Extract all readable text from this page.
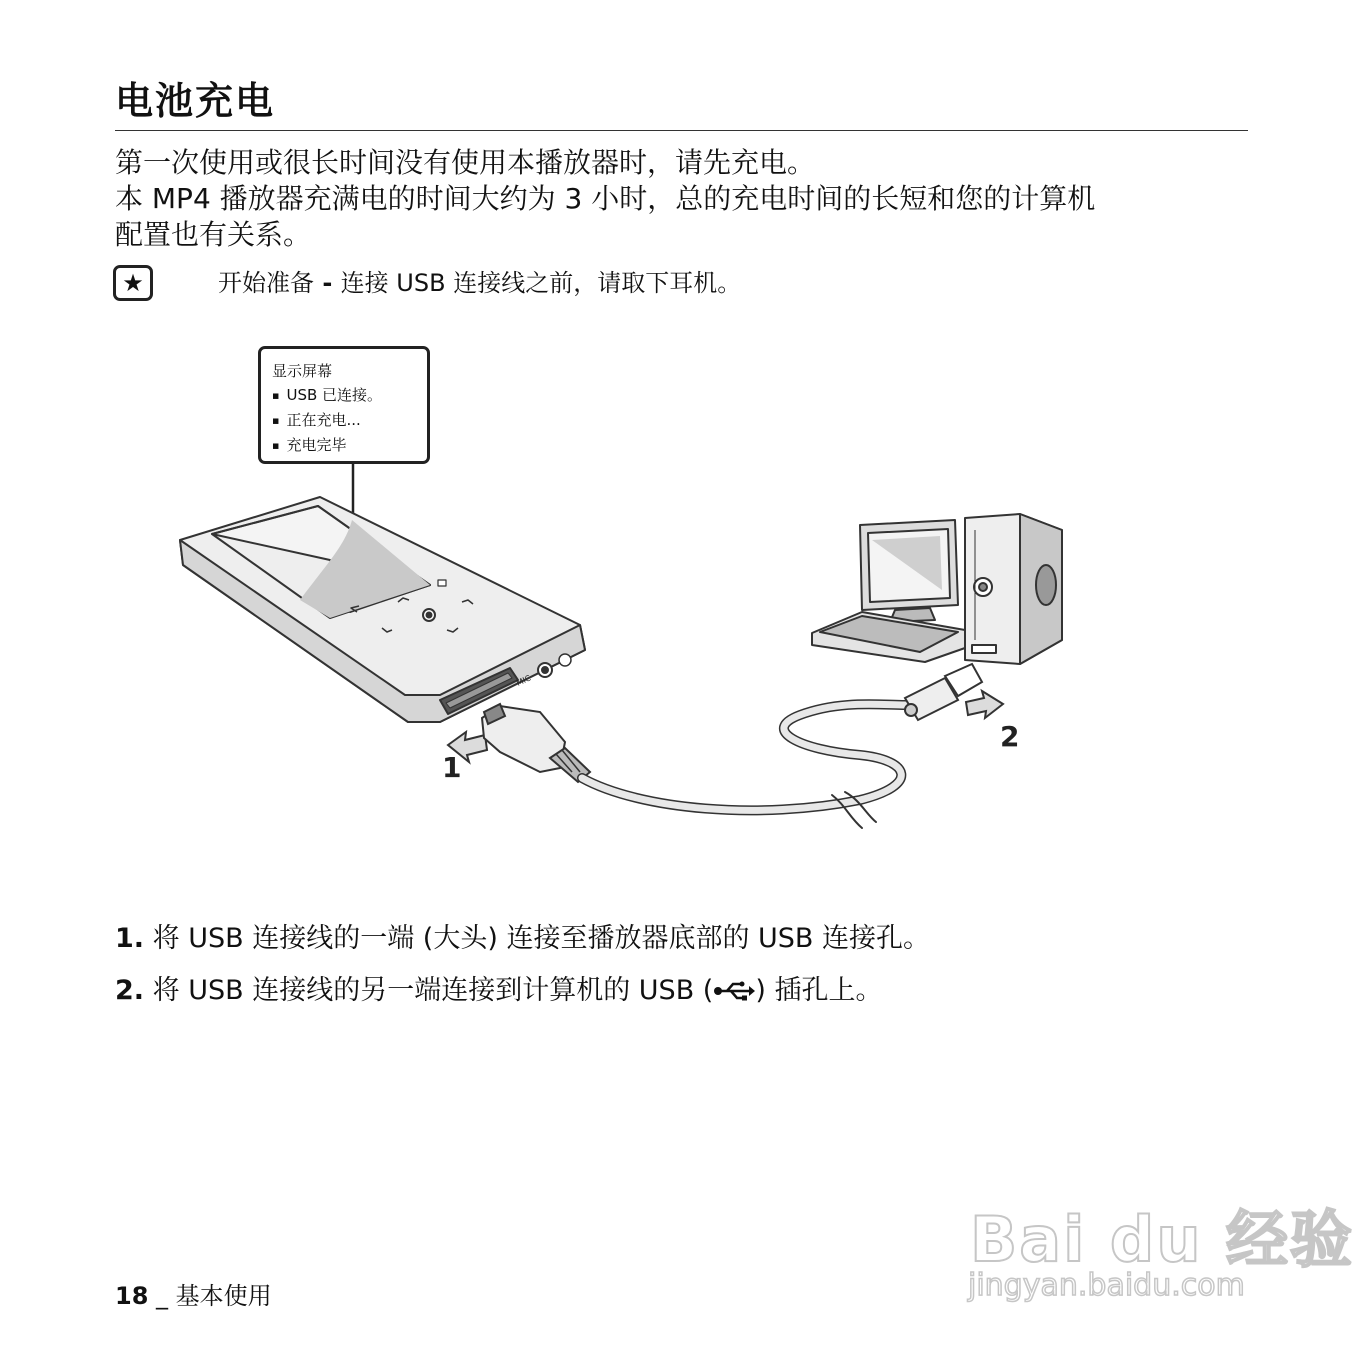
电池充电
第一次使用或很长时间没有使用本播放器时，请先充电。
本 MP4 播放器充满电的时间大约为 3 小时，总的充电时间的长短和您的计算机
配置也有关系。
★	开始准备 - 连接 USB 连接线之前，请取下耳机。
MIC
1
2
显示屏幕
▪ USB 已连接。
▪ 正在充电...
▪ 充电完毕
1. 将 USB 连接线的一端 (大头) 连接至播放器底部的 USB 连接孔。
2. 将 USB 连接线的另一端连接到计算机的 USB ( ) 插孔上。
18 _ 基本使用
Bai du 经验
jingyan.baidu.com
